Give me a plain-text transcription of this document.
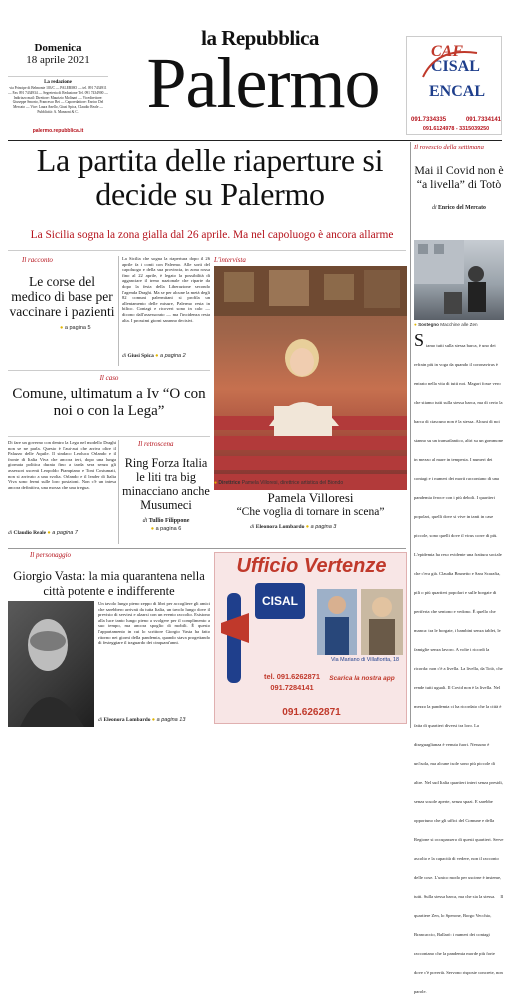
Domenica
18 aprile 2021
La redazione
via Principe di Belmonte 103/C — PALERMO — tel. 091 7434911 — Fax 091 7434934 — Segreteria di Redazione Tel. 091 7434900 — Indirizzo mail: Direttore: Maurizio Molinari — Vicedirettore: Giuseppe Smorto, Francesco Bei — Caporedattore: Enrico Del Mercato — Vice: Laura Anello, Giusi Spica, Claudio Reale — Pubblicità: A. Manzoni & C.
palermo.repubblica.it
la Repubblica
Palermo	CAF
CISAL
ENCAL
091.7334335	091.7334141
091.6124978 - 3315039250
La partita delle riaperture si decide su Palermo
La Sicilia sogna la zona gialla dal 26 aprile. Ma nel capoluogo è ancora allarme
Il racconto
Le corse del medico di base per vaccinare i pazienti
● a pagina 5
La Sicilia che sogna la riapertura dopo il 26 aprile fa i conti con Palermo. Alle sorti del capoluogo e della sua provincia, in zona rossa fino al 22 aprile, è legato la possibilità di agganciare il treno nazionale che riparte da dopo la festa della Liberazione secondo l'agenda Draghi. Ma se per alcune la metà degli 82 comuni palermitani si profila un allentamento delle misure, Palermo resta in bilico. Contagi e ricoveri sono in calo — dicono dall'assessorato — ma l'incidenza resta alta. I prossimi giorni saranno decisivi.
di Giusi Spica ● a pagina 2
L'intervista
● Direttrice Pamela Villoresi, direttrice artistica del Biondo
Pamela Villoresi
“Che voglia di tornare in scena”
di Eleonora Lombardo ● a pagina 3
Il caso
Comune, ultimatum a Iv “O con noi o con la Lega”
Di fare un governo con dentro la Lega nel modello Draghi non se ne parla. Questo è l'aut-aut che arriva oltre il Palazzo delle Aquile. Il sindaco Leoluca Orlando e il fronte di Italia Viva che ancora ieri, dopo una lunga giornata politica durata fino a tarda sera senza gli assessori uscenti Leopoldo Piampiano e Toni Costumati, non si arrivato a una svolta. Orlando e il leader di Italia Viva sono fermi sulle loro posizioni. Non c'è un intesa ancora definitiva, una mossa che una tregua.
di Claudio Reale ● a pagina 7
Il retroscena
Ring Forza Italia le liti tra big minacciano anche Musumeci
di Tullio Filippone
● a pagina 6
Il personaggio
Giorgio Vasta: la mia quarantena nella città potente e indifferente
Un tavolo lungo pieno zeppo di libri per accogliere gli amici che sarebbero arrivati da tutta Italia, un tavolo lungo dove il previsto di servirsi e alzarsi con un evento raccolto. Esistono alla luce tanto lungo pieno a svolgere per il complimento a suo tempo, ma ancora spoglio di mobili. È questo l'appartamento in cui lo scrittore Giorgio Vasta ha fatto ritorno nei giorni della pandemia, quando stava progettando di festeggiare il traguardo dei cinquant'anni.
di Eleonora Lombardo ● a pagina 13
Ufficio Vertenze
CISAL
Via Mariano di Villafiorita, 18
Scarica la nostra app
tel. 091.6262871
091.7284141
091.6262871
Il rovescio della settimana
Mai il Covid non è “a livella” di Totò
di Enrico del Mercato
● Sostegno Macchine alle Zen
S iamo tutti sulla stessa barca, è uno dei refrain più in voga da quando il coronavirus è entrato nella vita di tutti noi. Magari fosse vero che stiamo tutti sulla stessa barca, ma di certo la barca di ciascuno non è la stessa. Alcuni di noi stanno su un transatlantico, altri su un gommone in mezzo al mare in tempesta. I numeri dei contagi e i numeri dei morti raccontano di una pandemia feroce con i più deboli. I quartieri popolari, quelli dove si vive in tanti in case piccole, sono quelli dove il virus corre di più. L'epidemia ha reso evidente una frattura sociale che c'era già. Claudia Brunetto e Sara Scarafia, pili o più quartieri popolari e sulle borgate di periferia che sentono e vedono. È quello che manca: tra le borgate, i bambini senza tablet, le famiglie senza lavoro. A volte i ricordi la ricorda: non c'è a livella. La livella, da Totò, che rende tutti uguali. Il Covid non è la livella. Nel mezzo la pandemia ci ha ricordato che la città è fatta di quartieri diversi tra loro. La diseguaglianza è venuta fuori. Nessuno è un'isola, ma alcune isole sono più piccole di altre. Nel sud Italia quartieri interi senza presidi, senza scuole aperte, senza spazi. E sarebbe opportuno che gli uffici del Comune e della Regione si occupassero di questi quartieri. Serve ascolto e la capacità di vedere, non il racconto delle cose. L'unico modo per uscirne è insieme, tutti. Sulla stessa barca, ma che sia la stessa. Il quartiere Zen, lo Sperone, Borgo Vecchio, Brancaccio, Ballarò: i numeri dei contagi raccontano che la pandemia morde più forte dove c'è povertà. Servono risposte concrete, non parole.
